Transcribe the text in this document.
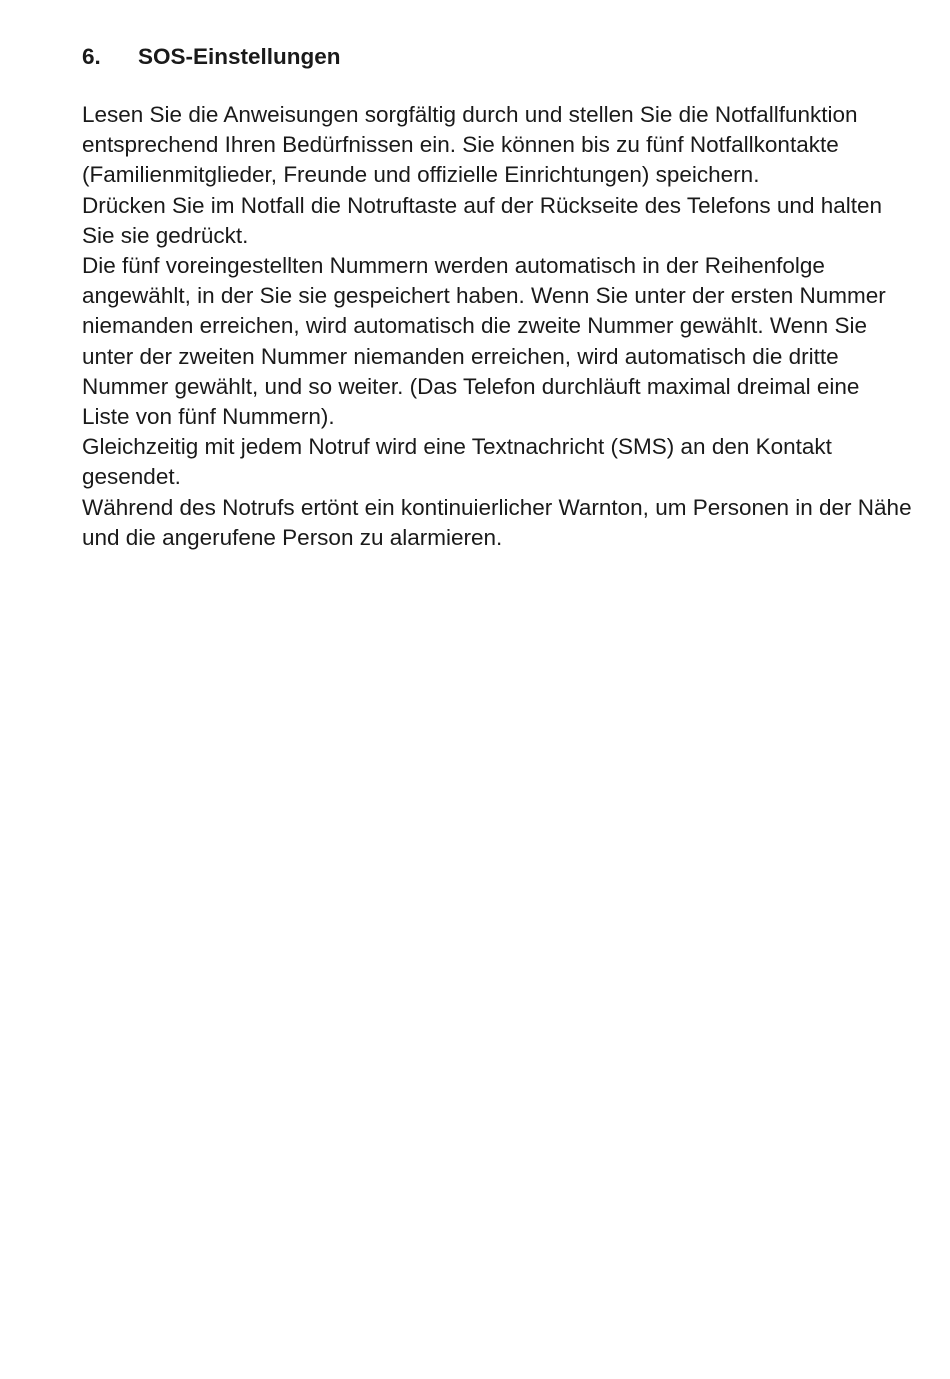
6. SOS-Einstellungen

Lesen Sie die Anweisungen sorgfältig durch und stellen Sie die Notfallfunktion entsprechend Ihren Bedürfnissen ein. Sie können bis zu fünf Notfallkontakte (Familienmitglieder, Freunde und offizielle Einrichtungen) speichern.

Drücken Sie im Notfall die Notruftaste auf der Rückseite des Telefons und halten Sie sie gedrückt.

Die fünf voreingestellten Nummern werden automatisch in der Reihenfolge angewählt, in der Sie sie gespeichert haben. Wenn Sie unter der ersten Nummer niemanden erreichen, wird automatisch die zweite Nummer gewählt. Wenn Sie unter der zweiten Nummer niemanden erreichen, wird automatisch die dritte Nummer gewählt, und so weiter. (Das Telefon durchläuft maximal dreimal eine Liste von fünf Nummern).

Gleichzeitig mit jedem Notruf wird eine Textnachricht (SMS) an den Kontakt gesendet.

Während des Notrufs ertönt ein kontinuierlicher Warnton, um Personen in der Nähe und die angerufene Person zu alarmieren.
